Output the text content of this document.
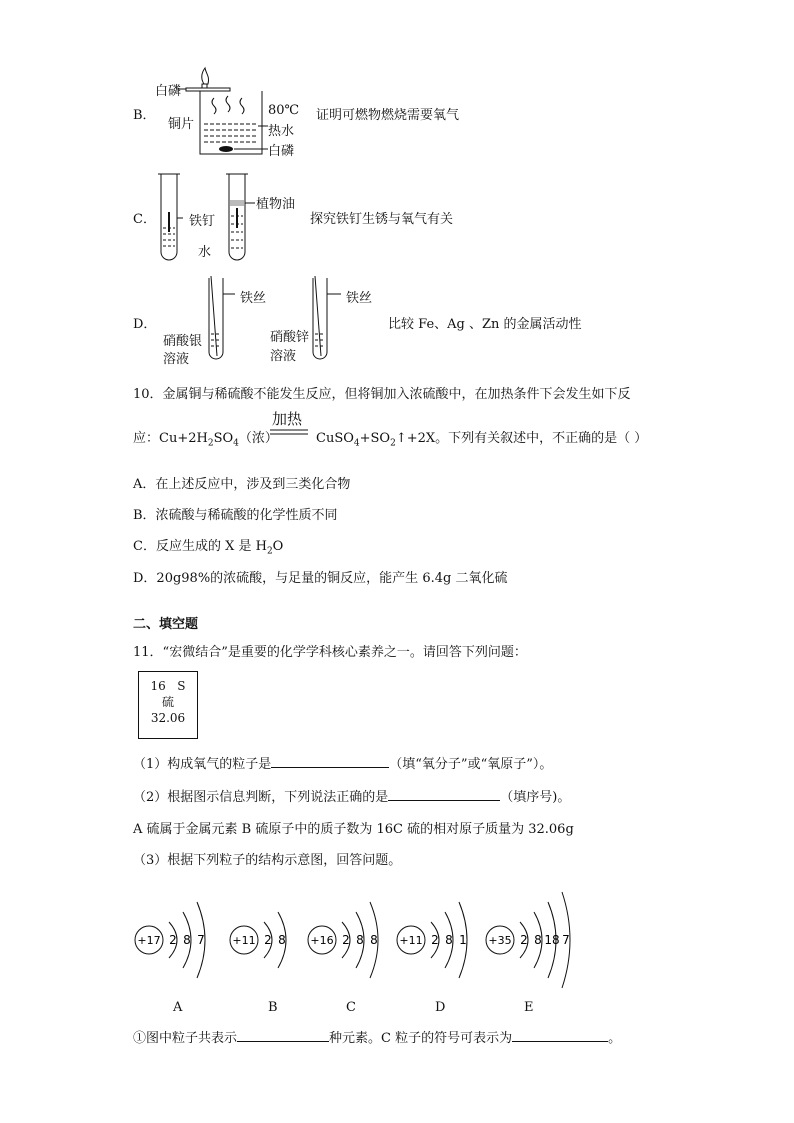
B．
白磷
铜片
80℃
热水
白磷
证明可燃物燃烧需要氧气
C．	铁钉
植物油
水
探究铁钉生锈与氧气有关
D．
铁丝	铁丝
硝酸银
溶液
硝酸锌
溶液
比较 Fe、Ag 、Zn 的金属活动性
10．金属铜与稀硫酸不能发生反应，但将铜加入浓硫酸中，在加热条件下会发生如下反
加热
应：$Cu+2H_2SO_4$（浓）	$CuSO_4+SO_2↑+2X$。下列有关叙述中，不正确的是（ ）
A．在上述反应中，涉及到三类化合物
B．浓硫酸与稀硫酸的化学性质不同
C．反应生成的 X 是 $H_2O$
D．20g98%的浓硫酸，与足量的铜反应，能产生 6.4g 二氧化硫
二、填空题
11．“宏微结合”是重要的化学学科核心素养之一。请回答下列问题：
16 S
硫
32.06
（1）构成氧气的粒子是	（填“氧分子”或“氧原子”）。
（2）根据图示信息判断，下列说法正确的是	（填序号)。
A 硫属于金属元素 B 硫原子中的质子数为 16C 硫的相对原子质量为 32.06g
（3）根据下列粒子的结构示意图，回答问题。
+17 2 8 7
A
+11 2 8
B
+16 2 8 8
C
+11 2 8 1
D
+35 2 8 18 7
E
①图中粒子共表示	种元素。C 粒子的符号可表示为	。
